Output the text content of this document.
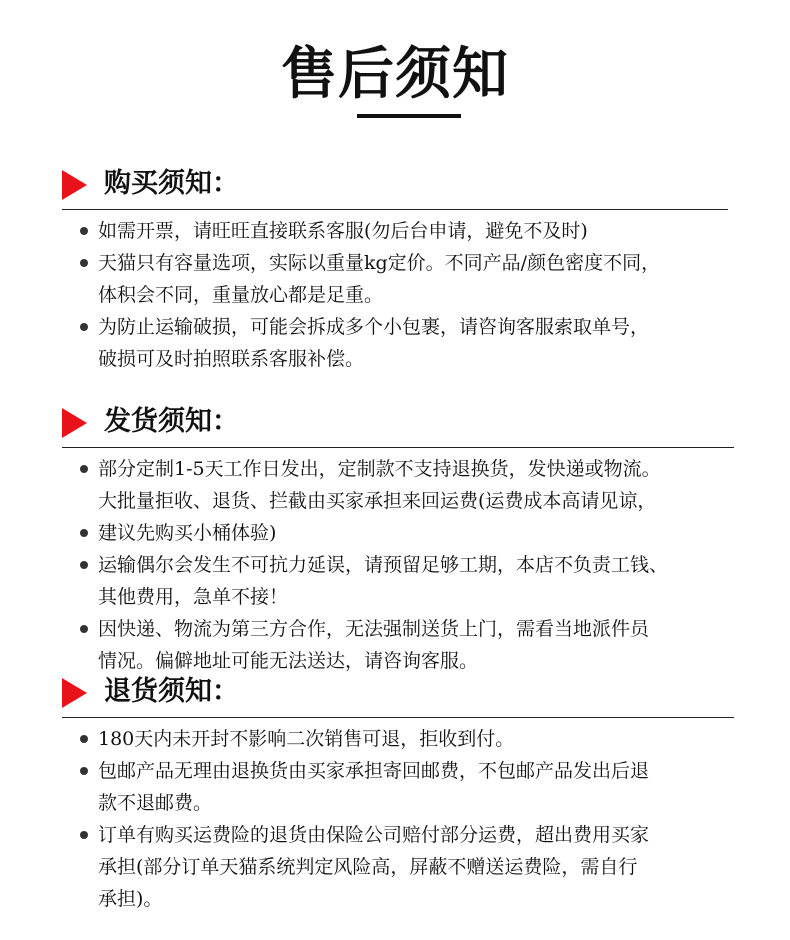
售后须知
购买须知：
如需开票，请旺旺直接联系客服(勿后台申请，避免不及时)
天猫只有容量选项，实际以重量kg定价。不同产品/颜色密度不同，
体积会不同，重量放心都是足重。
为防止运输破损，可能会拆成多个小包裹，请咨询客服索取单号，
破损可及时拍照联系客服补偿。
发货须知：
部分定制1-5天工作日发出，定制款不支持退换货，发快递或物流。
大批量拒收、退货、拦截由买家承担来回运费(运费成本高请见谅，
建议先购买小桶体验)
运输偶尔会发生不可抗力延误，请预留足够工期，本店不负责工钱、
其他费用，急单不接！
因快递、物流为第三方合作，无法强制送货上门，需看当地派件员
情况。偏僻地址可能无法送达，请咨询客服。
退货须知：
180天内未开封不影响二次销售可退，拒收到付。
包邮产品无理由退换货由买家承担寄回邮费，不包邮产品发出后退
款不退邮费。
订单有购买运费险的退货由保险公司赔付部分运费，超出费用买家
承担(部分订单天猫系统判定风险高，屏蔽不赠送运费险，需自行
承担)。
